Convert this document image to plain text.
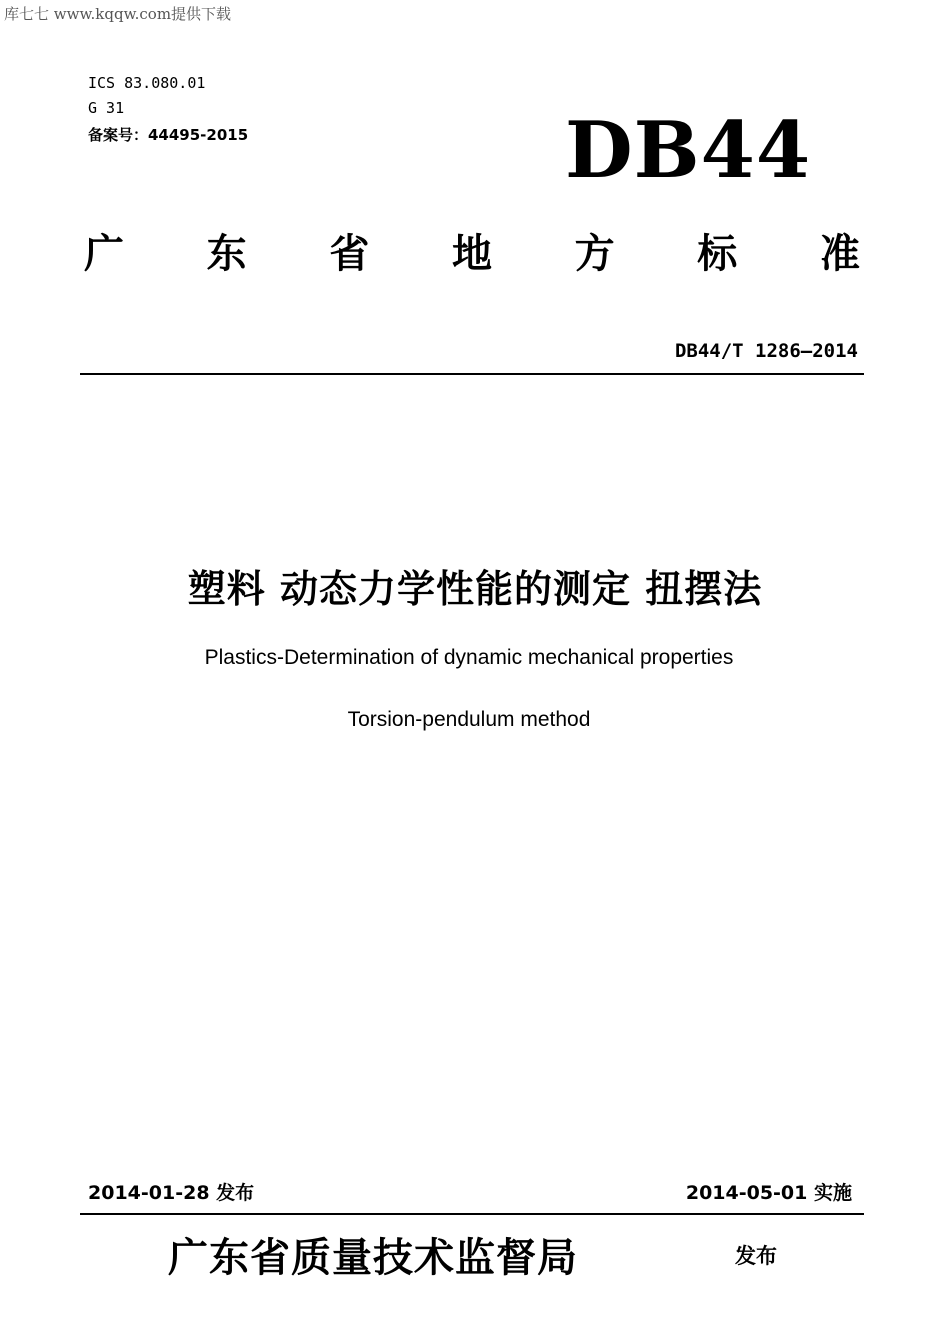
库七七 www.kqqw.com提供下载
ICS 83.080.01
G 31
备案号：44495-2015	DB44
广 东 省 地 方 标 准
DB44/T 1286—2014
塑料 动态力学性能的测定 扭摆法
Plastics-Determination of dynamic mechanical properties
Torsion-pendulum method
2014-01-28 发布	2014-05-01 实施
广东省质量技术监督局	发布
